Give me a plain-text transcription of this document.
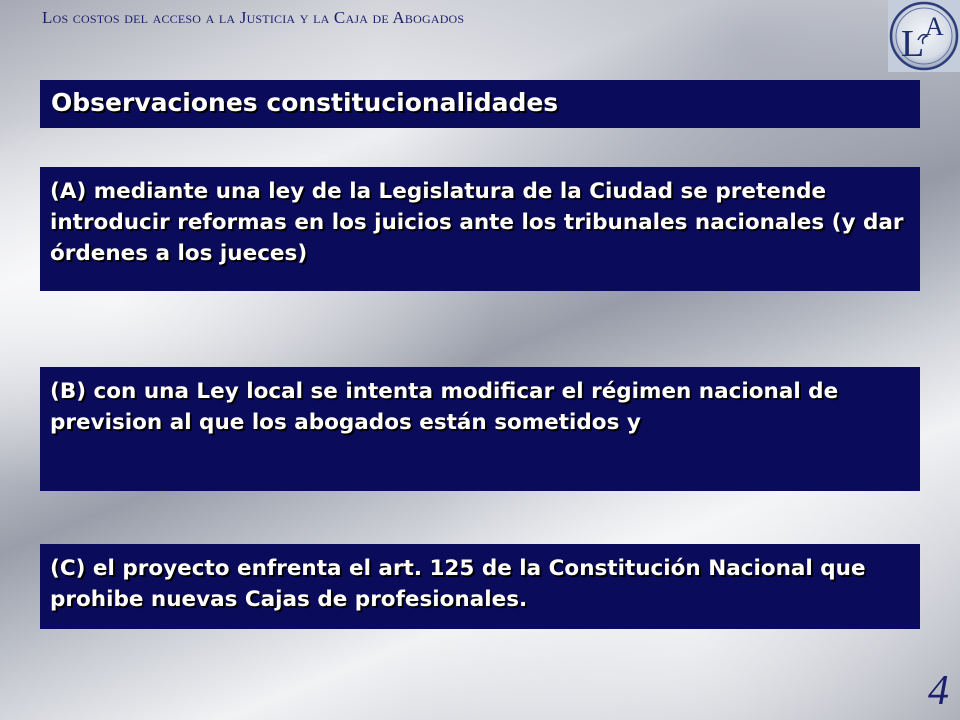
Los costos del acceso a la Justicia y la Caja de Abogados
L A
Observaciones constitucionalidades
(A) mediante una ley de la Legislatura de la Ciudad se pretende introducir reformas en los juicios ante los tribunales nacionales (y dar órdenes a los jueces)
(B) con una Ley local se intenta modificar el régimen nacional de prevision al que los abogados están sometidos y
(C) el proyecto enfrenta el art. 125 de la Constitución Nacional que prohibe nuevas Cajas de profesionales.
4
